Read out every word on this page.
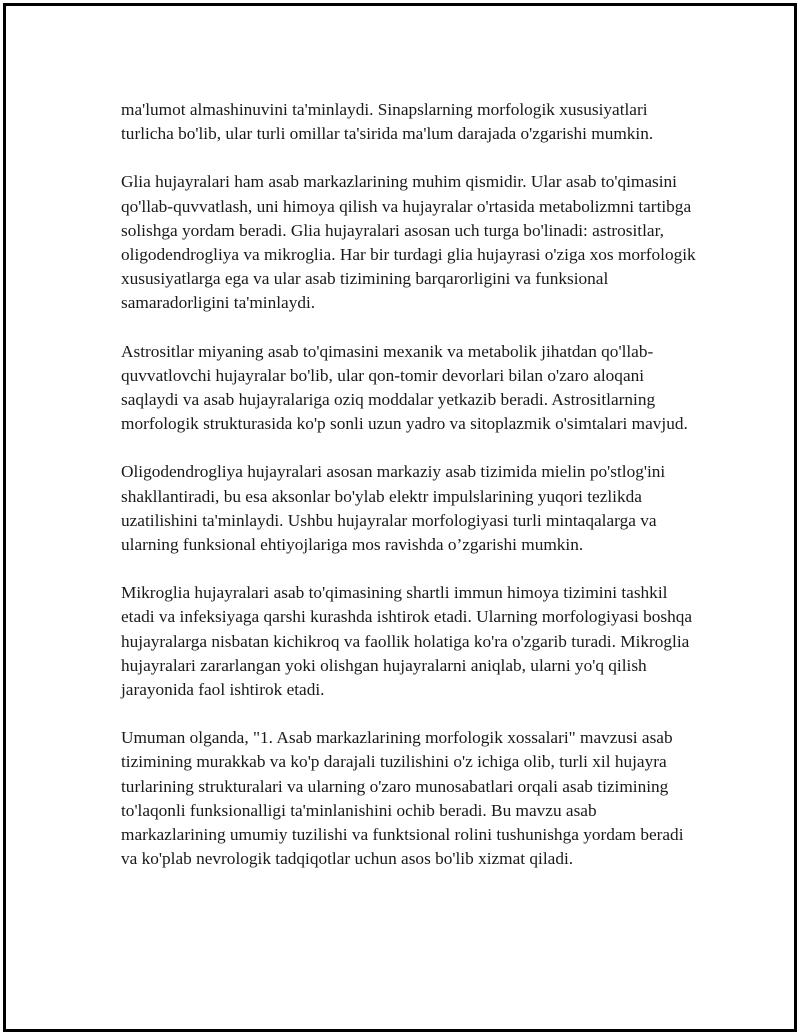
ma'lumot almashinuvini ta'minlaydi. Sinapslarning morfologik xususiyatlari turlicha bo'lib, ular turli omillar ta'sirida ma'lum darajada o'zgarishi mumkin.

Glia hujayralari ham asab markazlarining muhim qismidir. Ular asab to'qimasini qo'llab-quvvatlash, uni himoya qilish va hujayralar o'rtasida metabolizmni tartibga solishga yordam beradi. Glia hujayralari asosan uch turga bo'linadi: astrositlar, oligodendrogliya va mikroglia. Har bir turdagi glia hujayrasi o'ziga xos morfologik xususiyatlarga ega va ular asab tizimining barqarorligini va funksional samaradorligini ta'minlaydi.

Astrositlar miyaning asab to'qimasini mexanik va metabolik jihatdan qo'llab-quvvatlovchi hujayralar bo'lib, ular qon-tomir devorlari bilan o'zaro aloqani saqlaydi va asab hujayralariga oziq moddalar yetkazib beradi. Astrositlarning morfologik strukturasida ko'p sonli uzun yadro va sitoplazmik o'simtalari mavjud.

Oligodendrogliya hujayralari asosan markaziy asab tizimida mielin po'stlog'ini shakllantiradi, bu esa aksonlar bo'ylab elektr impulslarining yuqori tezlikda uzatilishini ta'minlaydi. Ushbu hujayralar morfologiyasi turli mintaqalarga va ularning funksional ehtiyojlariga mos ravishda o’zgarishi mumkin.

Mikroglia hujayralari asab to'qimasining shartli immun himoya tizimini tashkil etadi va infeksiyaga qarshi kurashda ishtirok etadi. Ularning morfologiyasi boshqa hujayralarga nisbatan kichikroq va faollik holatiga ko'ra o'zgarib turadi. Mikroglia hujayralari zararlangan yoki olishgan hujayralarni aniqlab, ularni yo'q qilish jarayonida faol ishtirok etadi.

Umuman olganda, "1. Asab markazlarining morfologik xossalari" mavzusi asab tizimining murakkab va ko'p darajali tuzilishini o'z ichiga olib, turli xil hujayra turlarining strukturalari va ularning o'zaro munosabatlari orqali asab tizimining to'laqonli funksionalligi ta'minlanishini ochib beradi. Bu mavzu asab markazlarining umumiy tuzilishi va funktsional rolini tushunishga yordam beradi va ko'plab nevrologik tadqiqotlar uchun asos bo'lib xizmat qiladi.
